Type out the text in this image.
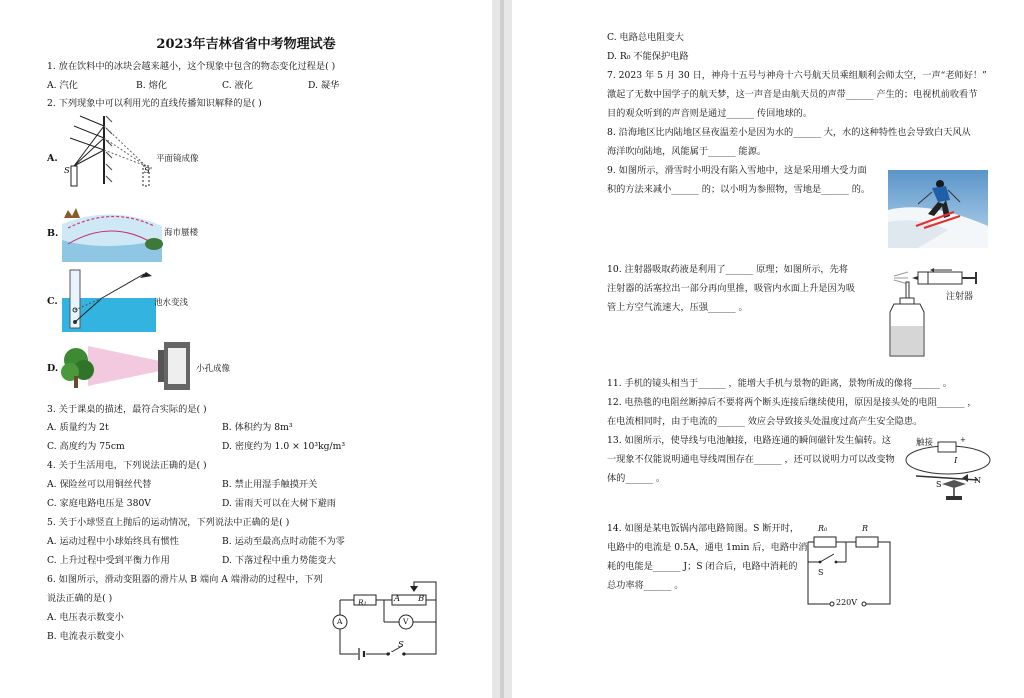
2023年吉林省省中考物理试卷
1. 放在饮料中的冰块会越来越小，这个现象中包含的物态变化过程是( )
A. 汽化	B. 熔化	C. 液化	D. 凝华
2. 下列现象中可以利用光的直线传播知识解释的是( )
A.
S	S'
平面镜成像
B.	海市蜃楼
C.	池水变浅
D.	小孔成像
3. 关于课桌的描述，最符合实际的是( )
A. 质量约为 2t	B. 体积约为 8m³
C. 高度约为 75cm	D. 密度约为 1.0 × 10³kg/m³
4. 关于生活用电，下列说法正确的是( )
A. 保险丝可以用铜丝代替	B. 禁止用湿手触摸开关
C. 家庭电路电压是 380V	D. 雷雨天可以在大树下避雨
5. 关于小球竖直上抛后的运动情况，下列说法中正确的是( )
A. 运动过程中小球始终具有惯性	B. 运动至最高点时动能不为零
C. 上升过程中受到平衡力作用	D. 下落过程中重力势能变大
6. 如图所示，滑动变阻器的滑片从 B 端向 A 端滑动的过程中，下列
说法正确的是( )
A. 电压表示数变小
B. 电流表示数变小
R₁	A B
A	V
S
C. 电路总电阻变大
D. R₀ 不能保护电路
7. 2023 年 5 月 30 日，神舟十五号与神舟十六号航天员乘组顺利会师太空，一声“老师好！”
激起了无数中国学子的航天梦，这一声音是由航天员的声带______ 产生的；电视机前收看节
目的观众听到的声音则是通过______ 传回地球的。
8. 沿海地区比内陆地区昼夜温差小是因为水的______ 大，水的这种特性也会导致白天风从
海洋吹向陆地，风能属于______ 能源。
9. 如图所示，滑雪时小明没有陷入雪地中，这是采用增大受力面
积的方法来减小______ 的；以小明为参照物，雪地是______ 的。
10. 注射器吸取药液是利用了______ 原理；如图所示，先将
注射器的活塞拉出一部分再向里推，吸管内水面上升是因为吸
管上方空气流速大，压强______ 。
注射器
11. 手机的镜头相当于______ ，能增大手机与景物的距离，景物所成的像将______ 。
12. 电热毯的电阻丝断掉后不要将两个断头连接后继续使用，原因是接头处的电阻______ ，
在电流相同时，由于电流的______ 效应会导致接头处温度过高产生安全隐患。
13. 如图所示，使导线与电池触接，电路连通的瞬间磁针发生偏转。这
一现象不仅能说明通电导线周围存在______ ，还可以说明力可以改变物
体的______ 。
触接	+
I
S	N
14. 如图是某电饭锅内部电路简图。S 断开时，
电路中的电流是 0.5A，通电 1min 后，电路中消
耗的电能是______ J；S 闭合后，电路中消耗的
总功率将______ 。
R₀	R
S
220V
